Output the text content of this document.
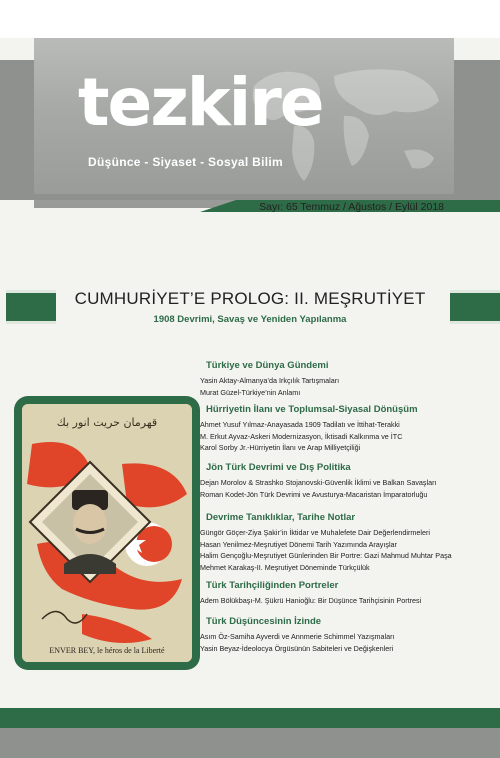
tezkire
Düşünce - Siyaset - Sosyal Bilim
Sayı: 65 Temmuz / Ağustos / Eylül 2018
CUMHURİYET’E PROLOG: II. MEŞRUTİYET
1908 Devrimi, Savaş ve Yeniden Yapılanma
Türkiye ve Dünya Gündemi
Yasin Aktay-Almanya’da Irkçılık Tartışmaları
Murat Güzel-Türkiye’nin Anlamı
Hürriyetin İlanı ve Toplumsal-Siyasal Dönüşüm
Ahmet Yusuf Yılmaz-Anayasada 1909 Tadilatı ve İttihat-Terakki
M. Erkut Ayvaz-Askeri Modernizasyon, İktisadi Kalkınma ve İTC
Karol Sorby Jr.-Hürriyetin İlanı ve Arap Milliyetçiliği
Jön Türk Devrimi ve Dış Politika
Dejan Morolov & Strashko Stojanovski-Güvenlik İklimi ve Balkan Savaşları
Roman Kodet-Jön Türk Devrimi ve Avusturya-Macaristan İmparatorluğu
Devrime Tanıklıklar, Tarihe Notlar
Güngör Göçer-Ziya Şakir’in İktidar ve Muhalefete Dair Değerlendirmeleri
Hasan Yenilmez-Meşrutiyet Dönemi Tarih Yazımında Arayışlar
Halim Gençoğlu-Meşrutiyet Günlerinden Bir Portre: Gazi Mahmud Muhtar Paşa
Mehmet Karakaş-II. Meşrutiyet Döneminde Türkçülük
Türk Tarihçiliğinden Portreler
Adem Bölükbaşı-M. Şükrü Hanioğlu: Bir Düşünce Tarihçisinin Portresi
Türk Düşüncesinin İzinde
Asım Öz-Samiha Ayverdi ve Annmerie Schimmel Yazışmaları
Yasin Beyaz-İdeolocya Örgüsünün Sabiteleri ve Değişkenleri
قهرمان حریت انور بك
ENVER BEY, le héros de la Liberté
